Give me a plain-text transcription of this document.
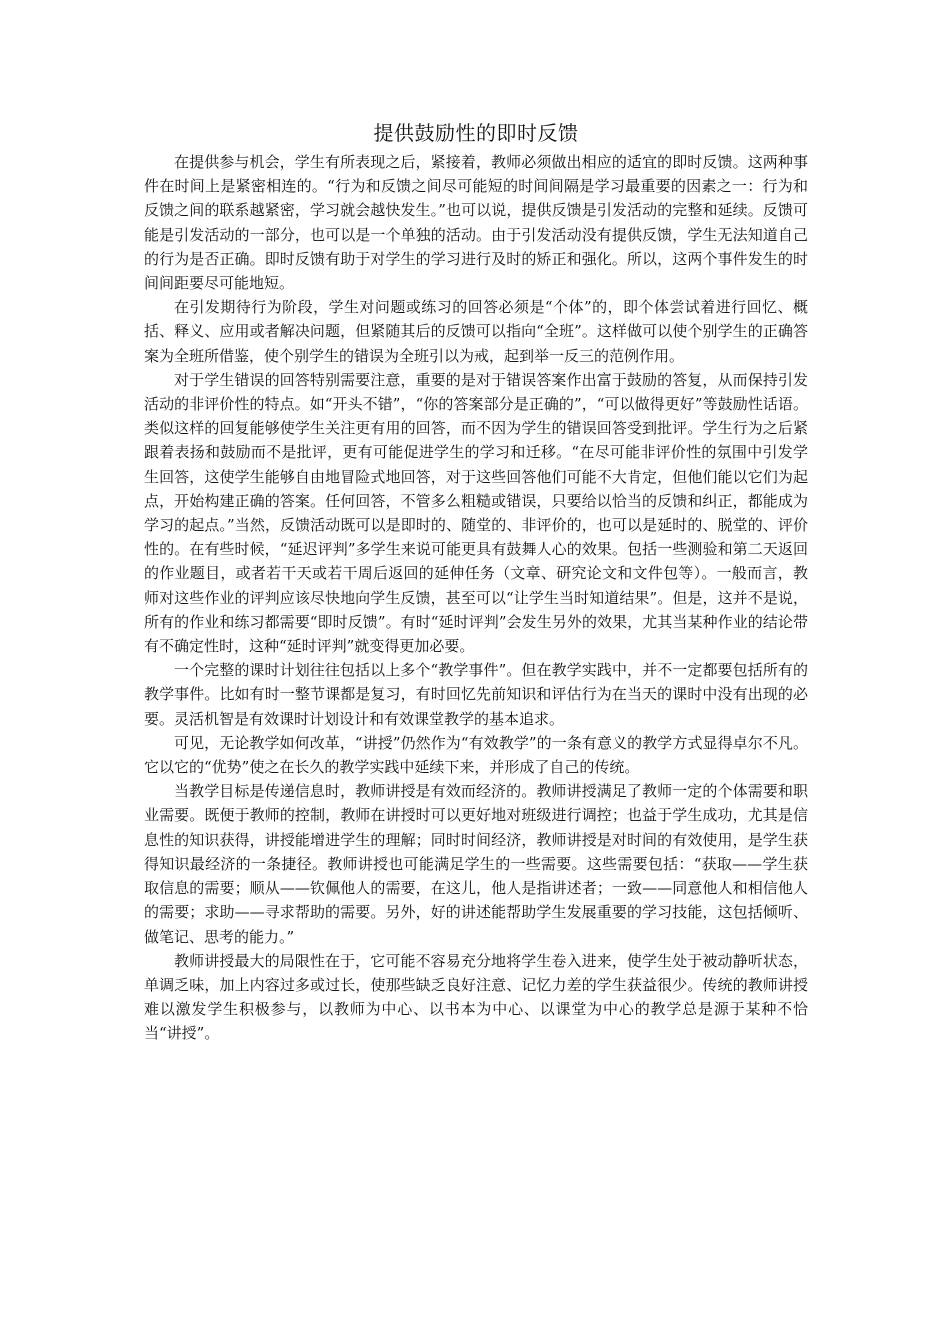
提供鼓励性的即时反馈

在提供参与机会，学生有所表现之后，紧接着，教师必须做出相应的适宜的即时反馈。这两种事件在时间上是紧密相连的。“行为和反馈之间尽可能短的时间间隔是学习最重要的因素之一：行为和反馈之间的联系越紧密，学习就会越快发生。”也可以说，提供反馈是引发活动的完整和延续。反馈可能是引发活动的一部分，也可以是一个单独的活动。由于引发活动没有提供反馈，学生无法知道自己的行为是否正确。即时反馈有助于对学生的学习进行及时的矫正和强化。所以，这两个事件发生的时间间距要尽可能地短。

在引发期待行为阶段，学生对问题或练习的回答必须是“个体”的，即个体尝试着进行回忆、概括、释义、应用或者解决问题，但紧随其后的反馈可以指向“全班”。这样做可以使个别学生的正确答案为全班所借鉴，使个别学生的错误为全班引以为戒，起到举一反三的范例作用。

对于学生错误的回答特别需要注意，重要的是对于错误答案作出富于鼓励的答复，从而保持引发活动的非评价性的特点。如“开头不错”，“你的答案部分是正确的”，“可以做得更好”等鼓励性话语。类似这样的回复能够使学生关注更有用的回答，而不因为学生的错误回答受到批评。学生行为之后紧跟着表扬和鼓励而不是批评，更有可能促进学生的学习和迁移。“在尽可能非评价性的氛围中引发学生回答，这使学生能够自由地冒险式地回答，对于这些回答他们可能不大肯定，但他们能以它们为起点，开始构建正确的答案。任何回答，不管多么粗糙或错误，只要给以恰当的反馈和纠正，都能成为学习的起点。”当然，反馈活动既可以是即时的、随堂的、非评价的，也可以是延时的、脱堂的、评价性的。在有些时候，“延迟评判”多学生来说可能更具有鼓舞人心的效果。包括一些测验和第二天返回的作业题目，或者若干天或若干周后返回的延伸任务（文章、研究论文和文件包等）。一般而言，教师对这些作业的评判应该尽快地向学生反馈，甚至可以“让学生当时知道结果”。但是，这并不是说，所有的作业和练习都需要“即时反馈”。有时“延时评判”会发生另外的效果，尤其当某种作业的结论带有不确定性时，这种“延时评判”就变得更加必要。

一个完整的课时计划往往包括以上多个“教学事件”。但在教学实践中，并不一定都要包括所有的教学事件。比如有时一整节课都是复习，有时回忆先前知识和评估行为在当天的课时中没有出现的必要。灵活机智是有效课时计划设计和有效课堂教学的基本追求。

可见，无论教学如何改革，“讲授”仍然作为“有效教学”的一条有意义的教学方式显得卓尔不凡。它以它的“优势”使之在长久的教学实践中延续下来，并形成了自己的传统。

当教学目标是传递信息时，教师讲授是有效而经济的。教师讲授满足了教师一定的个体需要和职业需要。既便于教师的控制，教师在讲授时可以更好地对班级进行调控；也益于学生成功，尤其是信息性的知识获得，讲授能增进学生的理解；同时时间经济，教师讲授是对时间的有效使用，是学生获得知识最经济的一条捷径。教师讲授也可能满足学生的一些需要。这些需要包括：“获取——学生获取信息的需要；顺从——钦佩他人的需要，在这儿，他人是指讲述者；一致——同意他人和相信他人的需要；求助——寻求帮助的需要。另外，好的讲述能帮助学生发展重要的学习技能，这包括倾听、做笔记、思考的能力。”

教师讲授最大的局限性在于，它可能不容易充分地将学生卷入进来，使学生处于被动静听状态，单调乏味，加上内容过多或过长，使那些缺乏良好注意、记忆力差的学生获益很少。传统的教师讲授难以激发学生积极参与，以教师为中心、以书本为中心、以课堂为中心的教学总是源于某种不恰当“讲授”。
